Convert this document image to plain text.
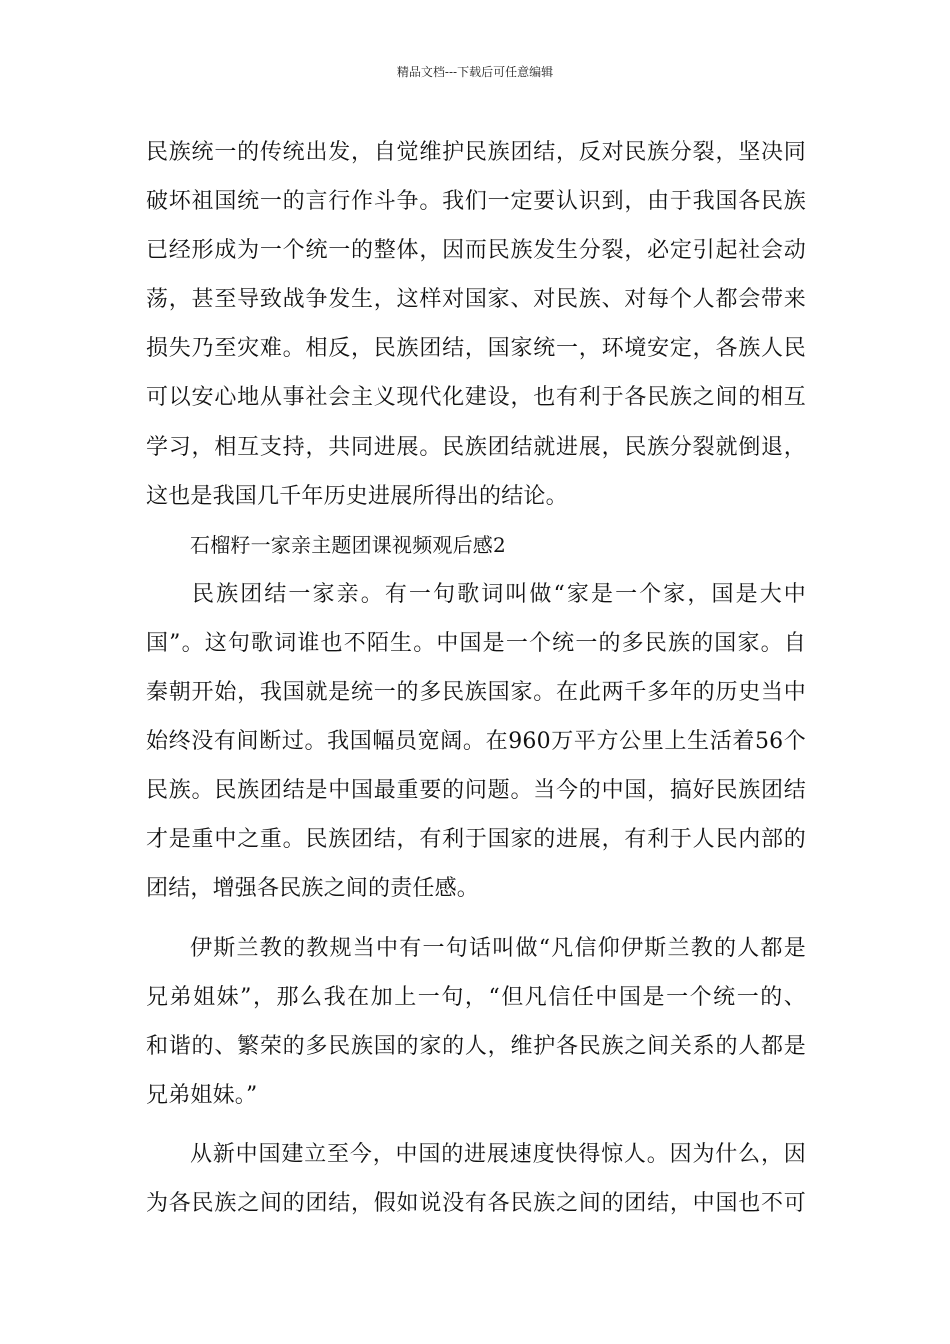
精品文档---下载后可任意编辑
民族统一的传统出发，自觉维护民族团结，反对民族分裂，坚决同
破坏祖国统一的言行作斗争。我们一定要认识到，由于我国各民族
已经形成为一个统一的整体，因而民族发生分裂，必定引起社会动
荡，甚至导致战争发生，这样对国家、对民族、对每个人都会带来
损失乃至灾难。相反，民族团结，国家统一，环境安定，各族人民
可以安心地从事社会主义现代化建设，也有利于各民族之间的相互
学习，相互支持，共同进展。民族团结就进展，民族分裂就倒退，
这也是我国几千年历史进展所得出的结论。
石榴籽一家亲主题团课视频观后感2
民族团结一家亲。有一句歌词叫做“家是一个家，国是大中
国”。这句歌词谁也不陌生。中国是一个统一的多民族的国家。自
秦朝开始，我国就是统一的多民族国家。在此两千多年的历史当中
始终没有间断过。我国幅员宽阔。在960万平方公里上生活着56个
民族。民族团结是中国最重要的问题。当今的中国，搞好民族团结
才是重中之重。民族团结，有利于国家的进展，有利于人民内部的
团结，增强各民族之间的责任感。
伊斯兰教的教规当中有一句话叫做“凡信仰伊斯兰教的人都是
兄弟姐妹”，那么我在加上一句，“但凡信任中国是一个统一的、
和谐的、繁荣的多民族国的家的人，维护各民族之间关系的人都是
兄弟姐妹。”
从新中国建立至今，中国的进展速度快得惊人。因为什么，因
为各民族之间的团结，假如说没有各民族之间的团结，中国也不可
